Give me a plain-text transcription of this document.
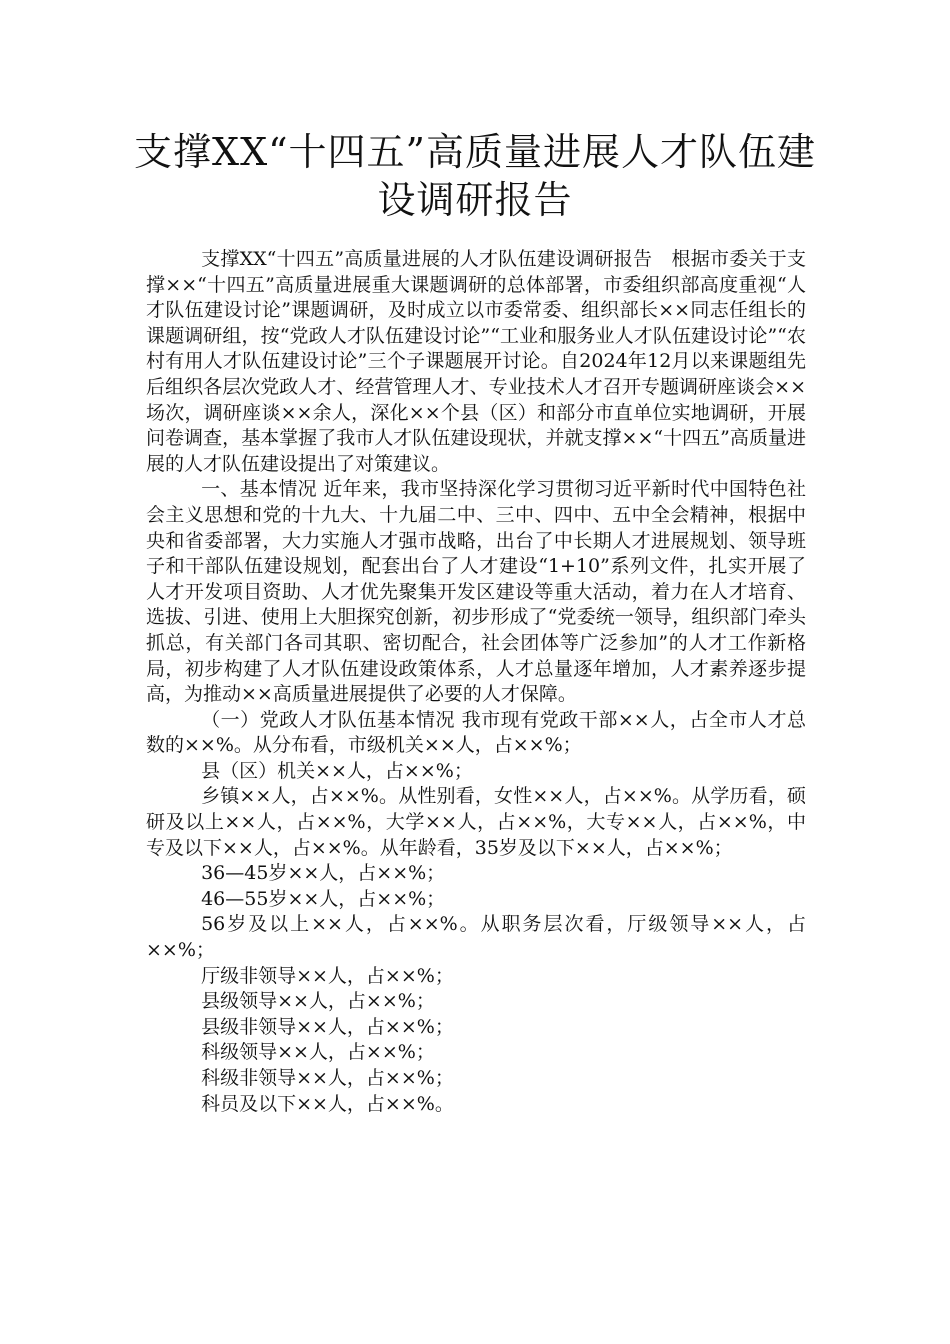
支撑XX“十四五”高质量进展人才队伍建
设调研报告

支撑XX“十四五”高质量进展的人才队伍建设调研报告　根据市委关于支撑××“十四五”高质量进展重大课题调研的总体部署，市委组织部高度重视“人才队伍建设讨论”课题调研，及时成立以市委常委、组织部长××同志任组长的课题调研组，按“党政人才队伍建设讨论”“工业和服务业人才队伍建设讨论”“农村有用人才队伍建设讨论”三个子课题展开讨论。自2024年12月以来课题组先后组织各层次党政人才、经营管理人才、专业技术人才召开专题调研座谈会××场次，调研座谈××余人，深化××个县（区）和部分市直单位实地调研，开展问卷调查，基本掌握了我市人才队伍建设现状，并就支撑××“十四五”高质量进展的人才队伍建设提出了对策建议。

一、基本情况 近年来，我市坚持深化学习贯彻习近平新时代中国特色社会主义思想和党的十九大、十九届二中、三中、四中、五中全会精神，根据中央和省委部署，大力实施人才强市战略，出台了中长期人才进展规划、领导班子和干部队伍建设规划，配套出台了人才建设“1+10”系列文件，扎实开展了人才开发项目资助、人才优先聚集开发区建设等重大活动，着力在人才培育、选拔、引进、使用上大胆探究创新，初步形成了“党委统一领导，组织部门牵头抓总，有关部门各司其职、密切配合，社会团体等广泛参加”的人才工作新格局，初步构建了人才队伍建设政策体系，人才总量逐年增加，人才素养逐步提高，为推动××高质量进展提供了必要的人才保障。

（一）党政人才队伍基本情况 我市现有党政干部××人，占全市人才总数的××%。从分布看，市级机关××人，占××%；

县（区）机关××人，占××%；

乡镇××人，占××%。从性别看，女性××人，占××%。从学历看，硕研及以上××人，占××%，大学××人，占××%，大专××人，占××%，中专及以下××人，占××%。从年龄看，35岁及以下××人，占××%；

36—45岁××人，占××%；

46—55岁××人，占××%；

56岁及以上××人，占××%。从职务层次看，厅级领导××人，占××%；

厅级非领导××人，占××%；

县级领导××人，占××%；

县级非领导××人，占××%；

科级领导××人，占××%；

科级非领导××人，占××%；

科员及以下××人，占××%。
